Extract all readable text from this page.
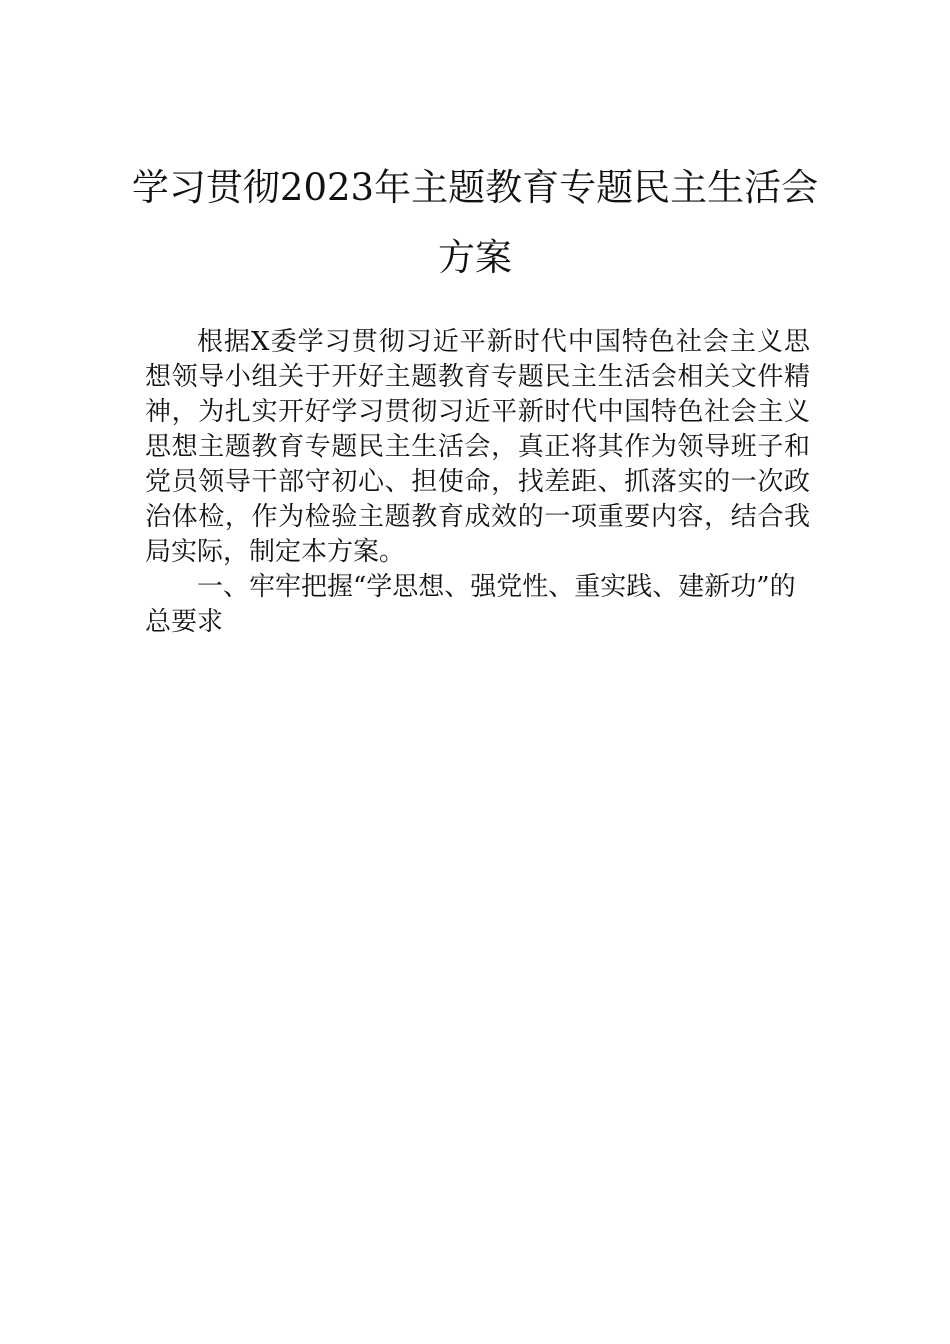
学习贯彻2023年主题教育专题民主生活会
方案

根据X委学习贯彻习近平新时代中国特色社会主义思想领导小组关于开好主题教育专题民主生活会相关文件精神，为扎实开好学习贯彻习近平新时代中国特色社会主义思想主题教育专题民主生活会，真正将其作为领导班子和党员领导干部守初心、担使命，找差距、抓落实的一次政治体检，作为检验主题教育成效的一项重要内容，结合我局实际，制定本方案。

一、牢牢把握“学思想、强党性、重实践、建新功”的总要求
